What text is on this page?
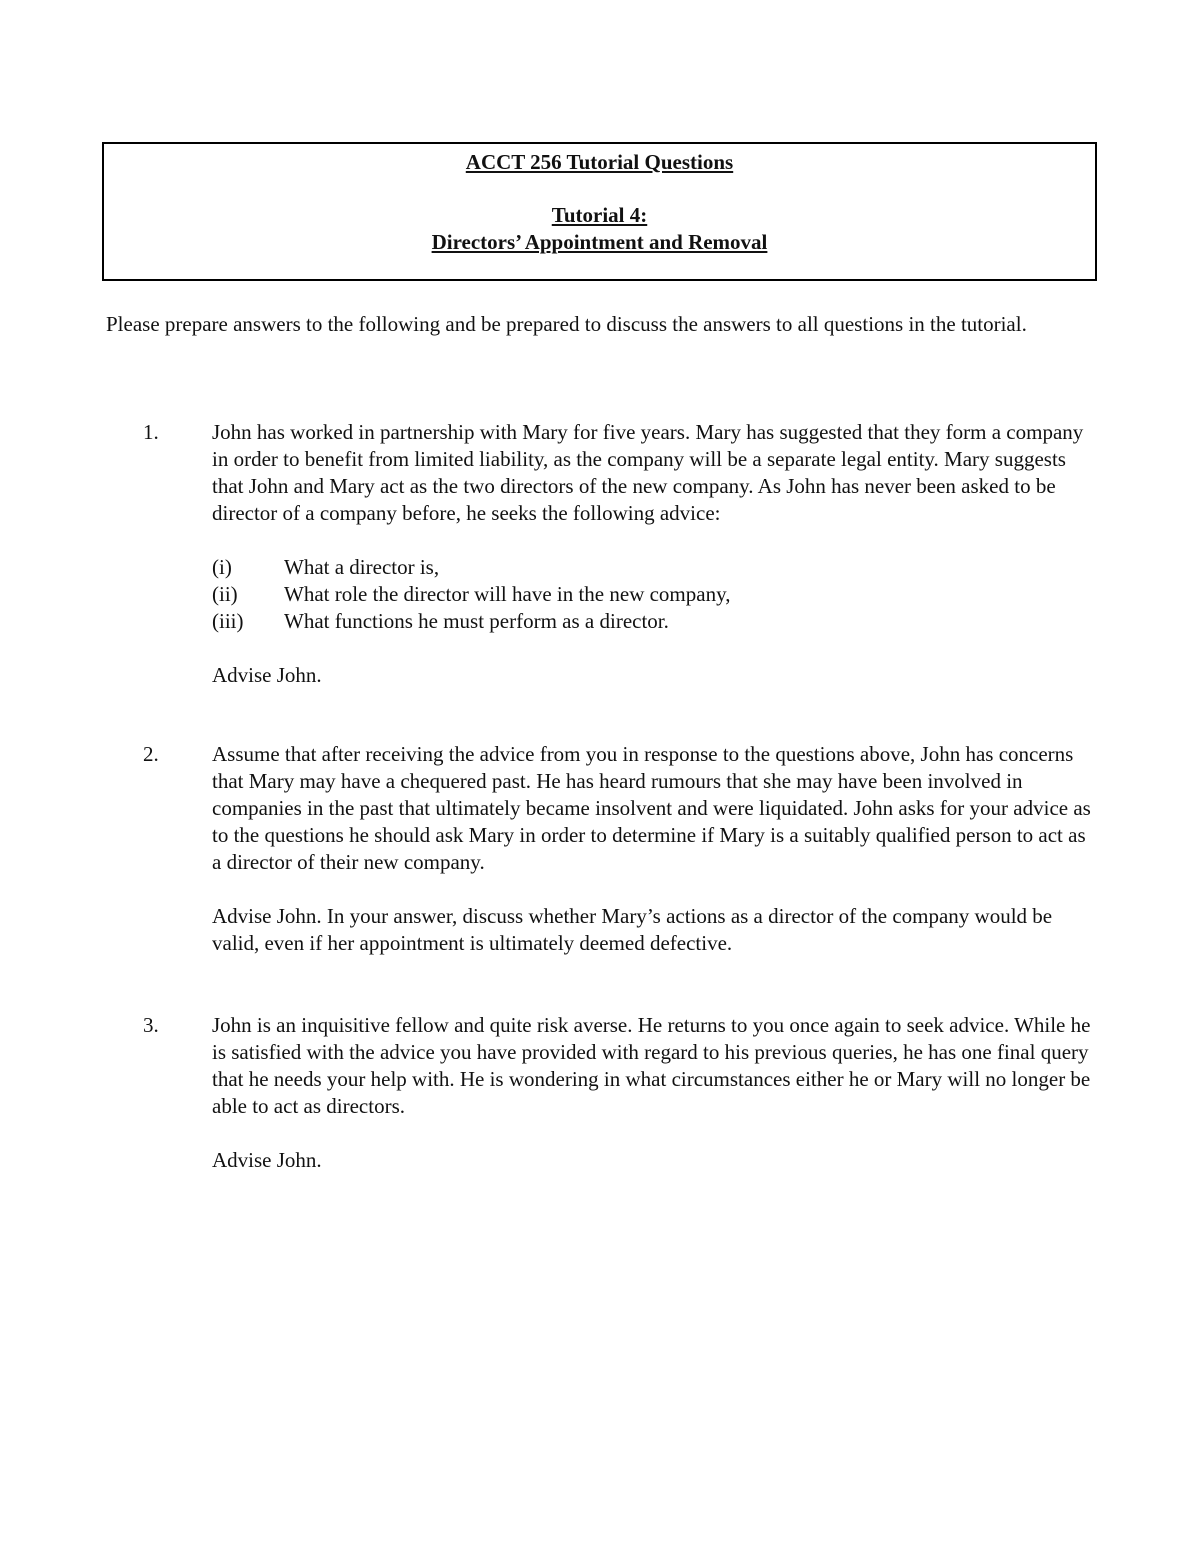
ACCT 256 Tutorial Questions
Tutorial 4:
Directors’ Appointment and Removal
Please prepare answers to the following and be prepared to discuss the answers to all questions in the tutorial.
1.	John has worked in partnership with Mary for five years. Mary has suggested that they form a company in order to benefit from limited liability, as the company will be a separate legal entity. Mary suggests that John and Mary act as the two directors of the new company. As John has never been asked to be director of a company before, he seeks the following advice:

(i) What a director is,
(ii) What role the director will have in the new company,
(iii) What functions he must perform as a director.

Advise John.

2.	Assume that after receiving the advice from you in response to the questions above, John has concerns that Mary may have a chequered past. He has heard rumours that she may have been involved in companies in the past that ultimately became insolvent and were liquidated. John asks for your advice as to the questions he should ask Mary in order to determine if Mary is a suitably qualified person to act as a director of their new company.

Advise John. In your answer, discuss whether Mary’s actions as a director of the company would be valid, even if her appointment is ultimately deemed defective.

3.	John is an inquisitive fellow and quite risk averse. He returns to you once again to seek advice. While he is satisfied with the advice you have provided with regard to his previous queries, he has one final query that he needs your help with. He is wondering in what circumstances either he or Mary will no longer be able to act as directors.

Advise John.
